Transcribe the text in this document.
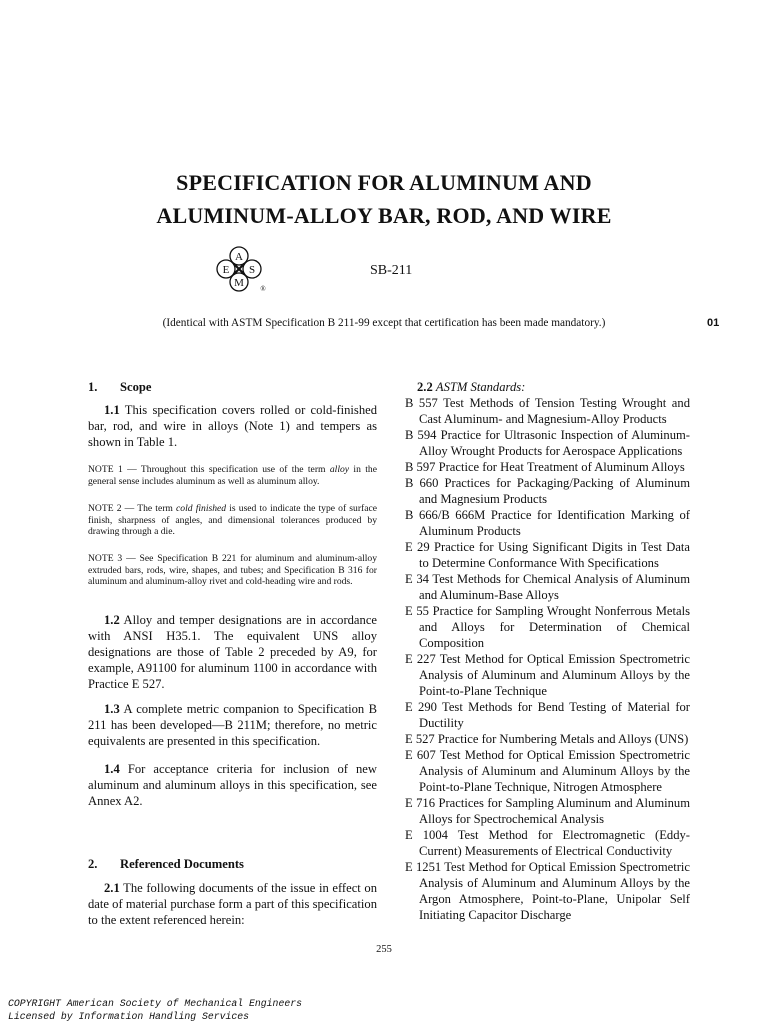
SPECIFICATION FOR ALUMINUM AND
ALUMINUM-ALLOY BAR, ROD, AND WIRE
A
E S
M ®
SB-211
(Identical with ASTM Specification B 211-99 except that certification has been made mandatory.)	01
1. Scope

1.1 This specification covers rolled or cold-finished bar, rod, and wire in alloys (Note 1) and tempers as shown in Table 1.

NOTE 1 — Throughout this specification use of the term alloy in the general sense includes aluminum as well as aluminum alloy.

NOTE 2 — The term cold finished is used to indicate the type of surface finish, sharpness of angles, and dimensional tolerances produced by drawing through a die.

NOTE 3 — See Specification B 221 for aluminum and aluminum-alloy extruded bars, rods, wire, shapes, and tubes; and Specification B 316 for aluminum and aluminum-alloy rivet and cold-heading wire and rods.

1.2 Alloy and temper designations are in accordance with ANSI H35.1. The equivalent UNS alloy designations are those of Table 2 preceded by A9, for example, A91100 for aluminum 1100 in accordance with Practice E 527.

1.3 A complete metric companion to Specification B 211 has been developed—B 211M; therefore, no metric equivalents are presented in this specification.

1.4 For acceptance criteria for inclusion of new aluminum and aluminum alloys in this specification, see Annex A2.

2. Referenced Documents

2.1 The following documents of the issue in effect on date of material purchase form a part of this specification to the extent referenced herein:

2.2 ASTM Standards:

B 557 Test Methods of Tension Testing Wrought and Cast Aluminum- and Magnesium-Alloy Products

B 594 Practice for Ultrasonic Inspection of Aluminum-Alloy Wrought Products for Aerospace Applications

B 597 Practice for Heat Treatment of Aluminum Alloys

B 660 Practices for Packaging/Packing of Aluminum and Magnesium Products

B 666/B 666M Practice for Identification Marking of Aluminum Products

E 29 Practice for Using Significant Digits in Test Data to Determine Conformance With Specifications

E 34 Test Methods for Chemical Analysis of Aluminum and Aluminum-Base Alloys

E 55 Practice for Sampling Wrought Nonferrous Metals and Alloys for Determination of Chemical Composition

E 227 Test Method for Optical Emission Spectrometric Analysis of Aluminum and Aluminum Alloys by the Point-to-Plane Technique

E 290 Test Methods for Bend Testing of Material for Ductility

E 527 Practice for Numbering Metals and Alloys (UNS)

E 607 Test Method for Optical Emission Spectrometric Analysis of Aluminum and Aluminum Alloys by the Point-to-Plane Technique, Nitrogen Atmosphere

E 716 Practices for Sampling Aluminum and Aluminum Alloys for Spectrochemical Analysis

E 1004 Test Method for Electromagnetic (Eddy-Current) Measurements of Electrical Conductivity

E 1251 Test Method for Optical Emission Spectrometric Analysis of Aluminum and Aluminum Alloys by the Argon Atmosphere, Point-to-Plane, Unipolar Self Initiating Capacitor Discharge

255
COPYRIGHT American Society of Mechanical Engineers
Licensed by Information Handling Services
